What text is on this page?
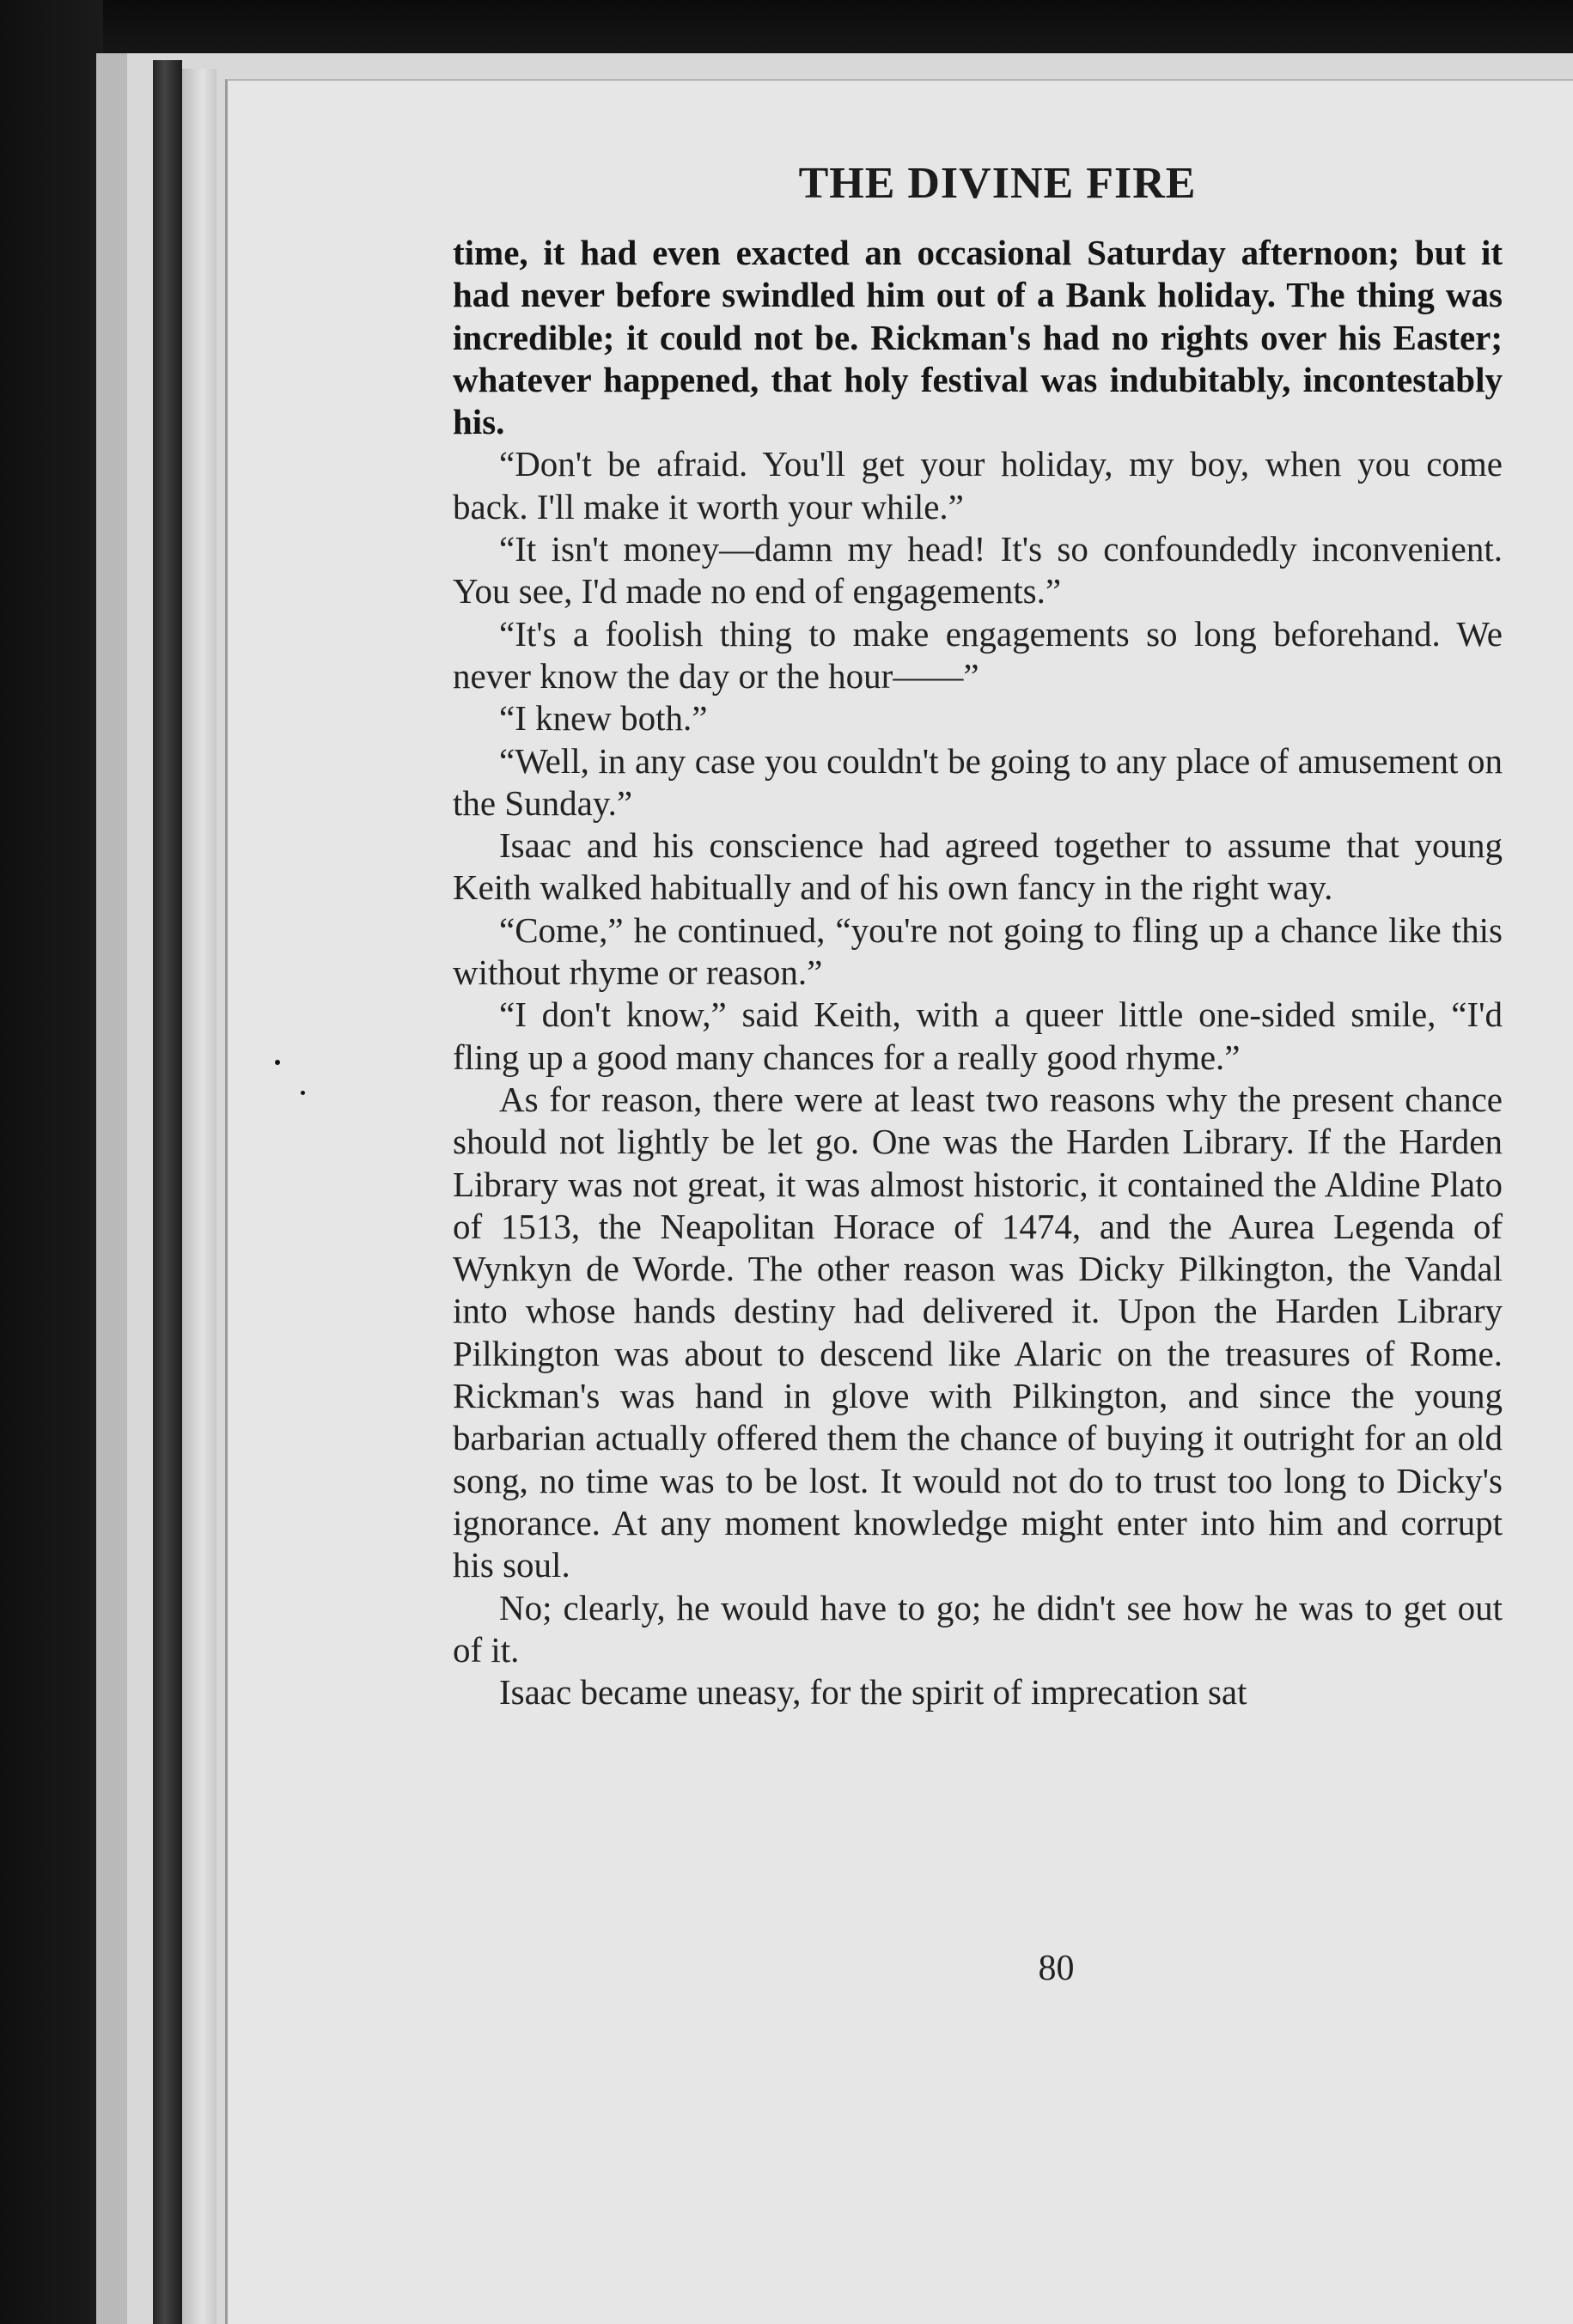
THE DIVINE FIRE

time, it had even exacted an occasional Saturday afternoon; but it had never before swindled him out of a Bank holiday. The thing was incredible; it could not be. Rickman's had no rights over his Easter; whatever happened, that holy festival was indubitably, incontestably his.

“Don't be afraid. You'll get your holiday, my boy, when you come back. I'll make it worth your while.”

“It isn't money—damn my head! It's so confoundedly inconvenient. You see, I'd made no end of engagements.”

“It's a foolish thing to make engagements so long beforehand. We never know the day or the hour——”

“I knew both.”

“Well, in any case you couldn't be going to any place of amusement on the Sunday.”

Isaac and his conscience had agreed together to assume that young Keith walked habitually and of his own fancy in the right way.

“Come,” he continued, “you're not going to fling up a chance like this without rhyme or reason.”

“I don't know,” said Keith, with a queer little one-sided smile, “I'd fling up a good many chances for a really good rhyme.”

As for reason, there were at least two reasons why the present chance should not lightly be let go. One was the Harden Library. If the Harden Library was not great, it was almost historic, it contained the Aldine Plato of 1513, the Neapolitan Horace of 1474, and the Aurea Legenda of Wynkyn de Worde. The other reason was Dicky Pilkington, the Vandal into whose hands destiny had delivered it. Upon the Harden Library Pilkington was about to descend like Alaric on the treasures of Rome. Rickman's was hand in glove with Pilkington, and since the young barbarian actually offered them the chance of buying it outright for an old song, no time was to be lost. It would not do to trust too long to Dicky's ignorance. At any moment knowledge might enter into him and corrupt his soul.

No; clearly, he would have to go; he didn't see how he was to get out of it.

Isaac became uneasy, for the spirit of imprecation sat

80
